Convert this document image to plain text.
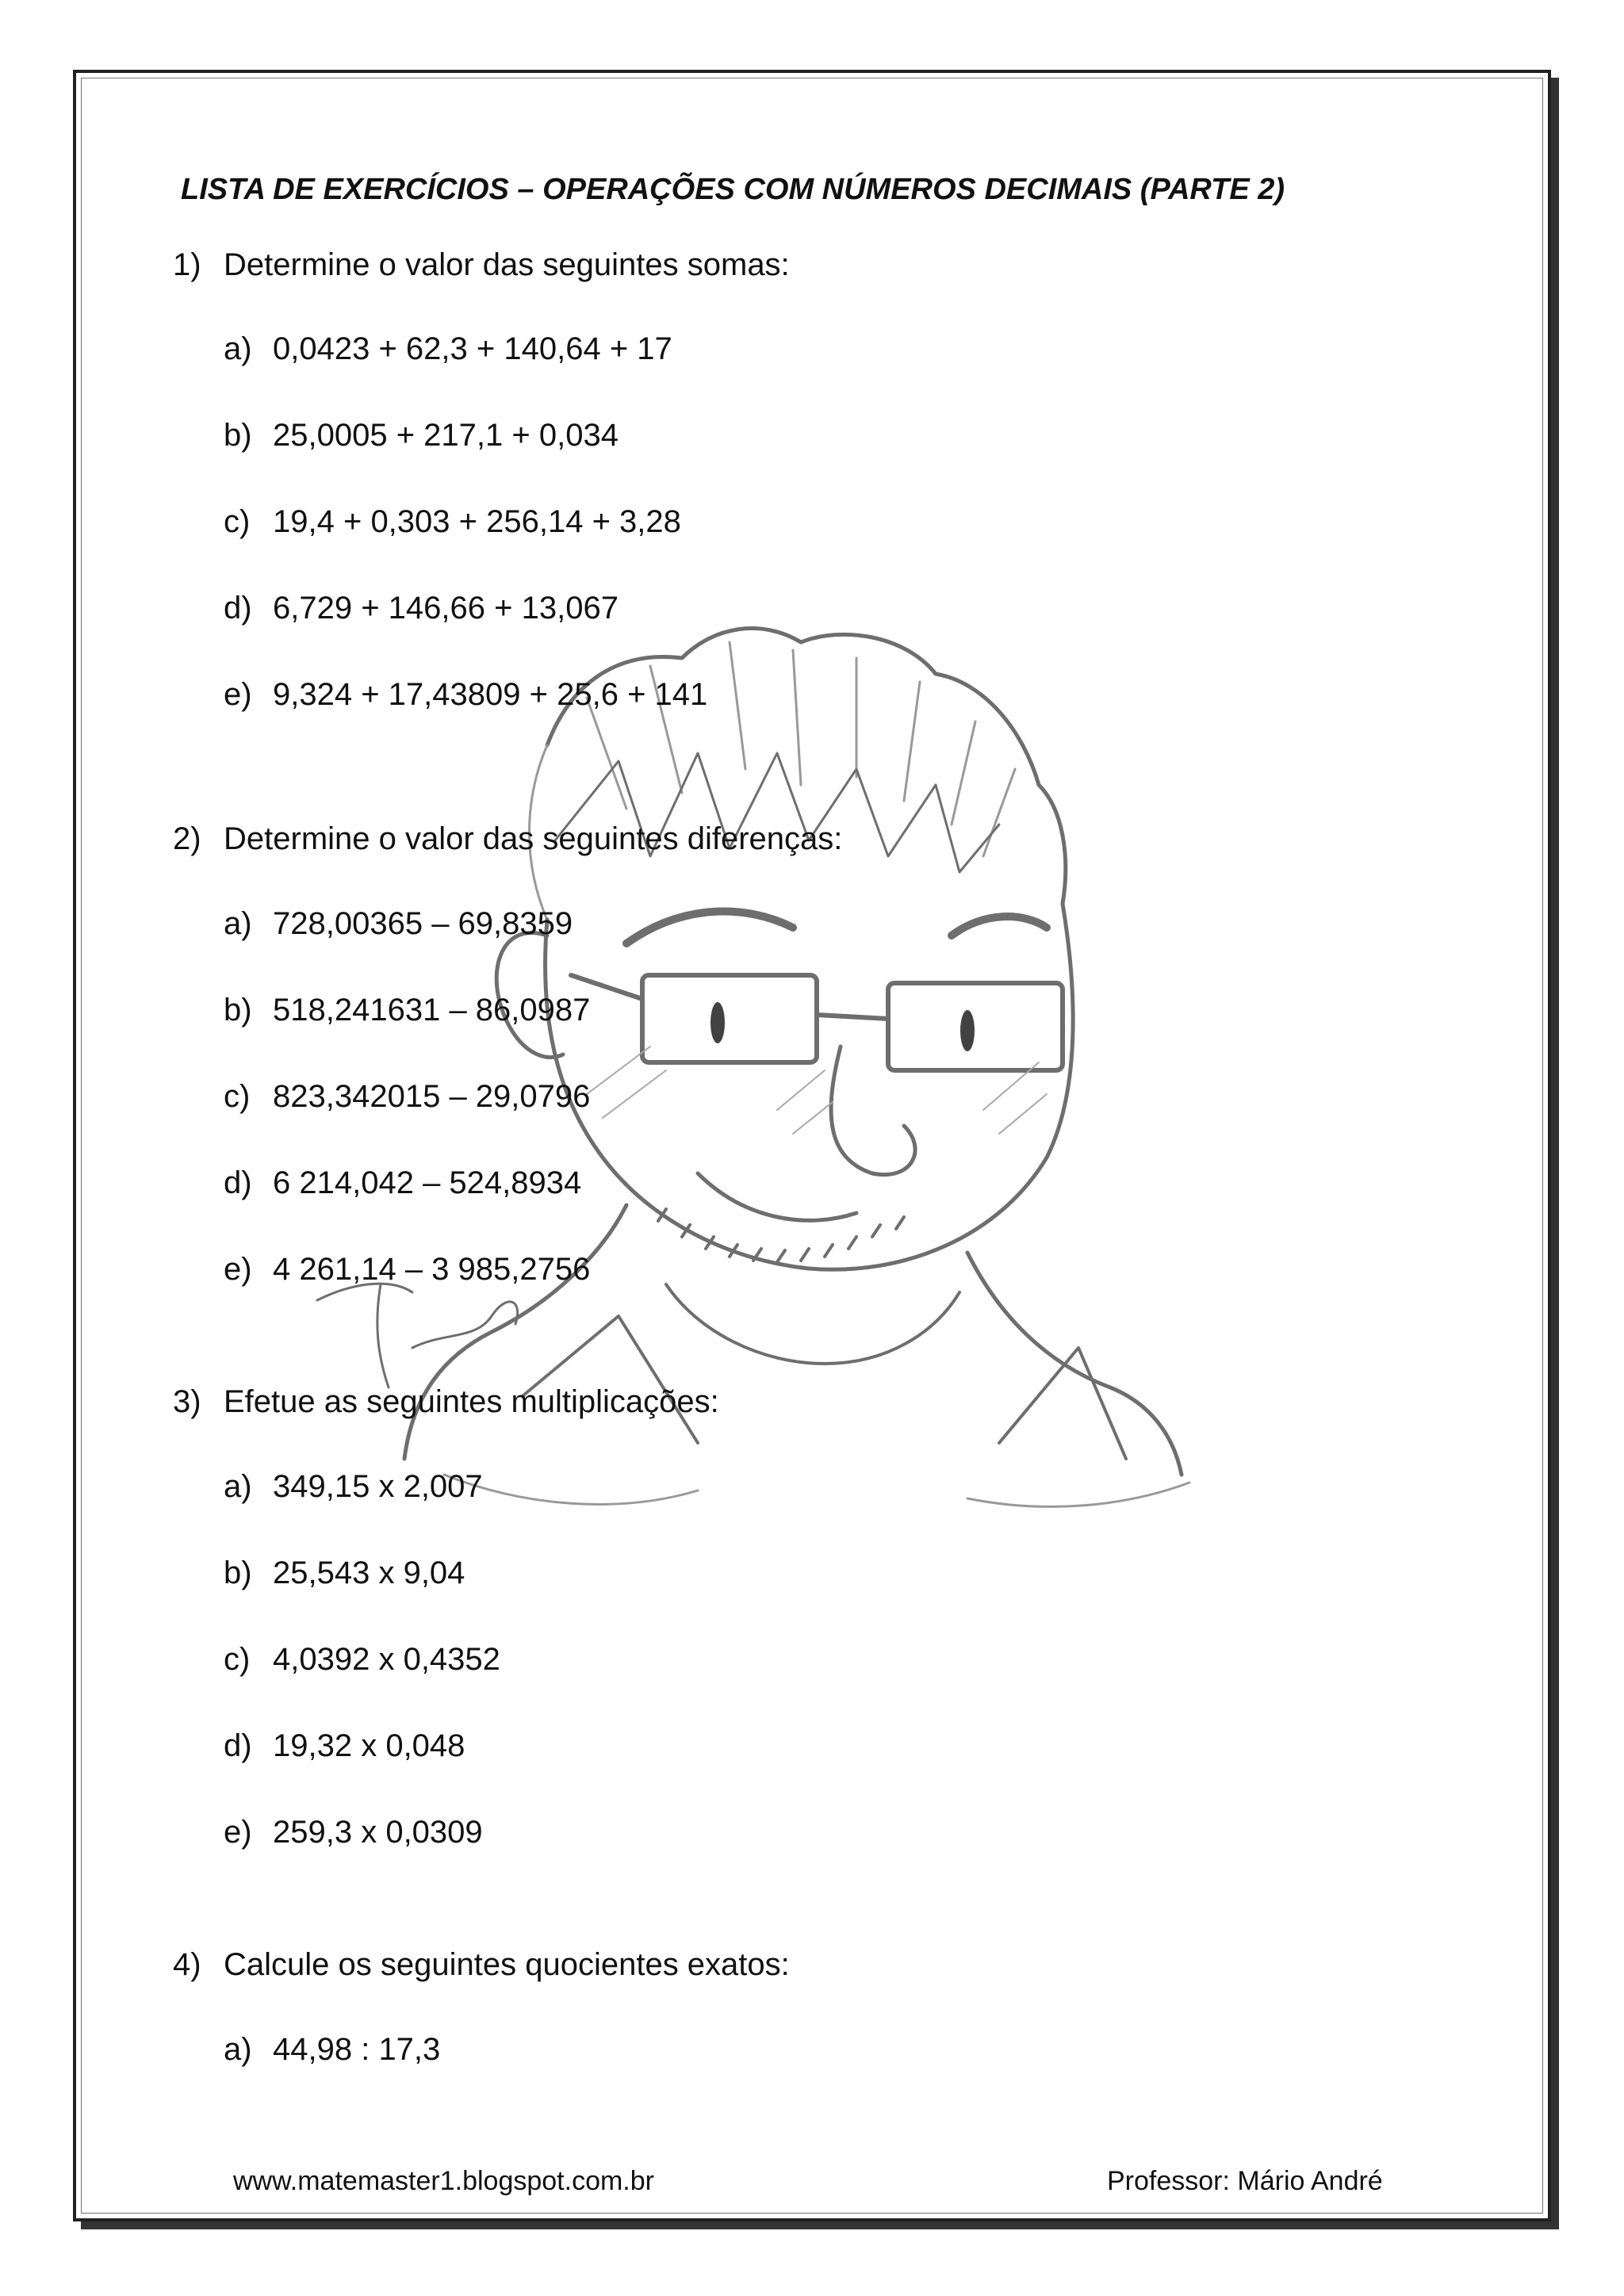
LISTA DE EXERCÍCIOS – OPERAÇÕES COM NÚMEROS DECIMAIS (PARTE 2)
1) Determine o valor das seguintes somas:
a) 0,0423 + 62,3 + 140,64 + 17
b) 25,0005 + 217,1 + 0,034
c) 19,4 + 0,303 + 256,14 + 3,28
d) 6,729 + 146,66 + 13,067
e) 9,324 + 17,43809 + 25,6 + 141
2) Determine o valor das seguintes diferenças:
a) 728,00365 – 69,8359
b) 518,241631 – 86,0987
c) 823,342015 – 29,0796
d) 6 214,042 – 524,8934
e) 4 261,14 – 3 985,2756
3) Efetue as seguintes multiplicações:
a) 349,15 x 2,007
b) 25,543 x 9,04
c) 4,0392 x 0,4352
d) 19,32 x 0,048
e) 259,3 x 0,0309
4) Calcule os seguintes quocientes exatos:
a) 44,98 : 17,3
www.matemaster1.blogspot.com.br	Professor: Mário André
